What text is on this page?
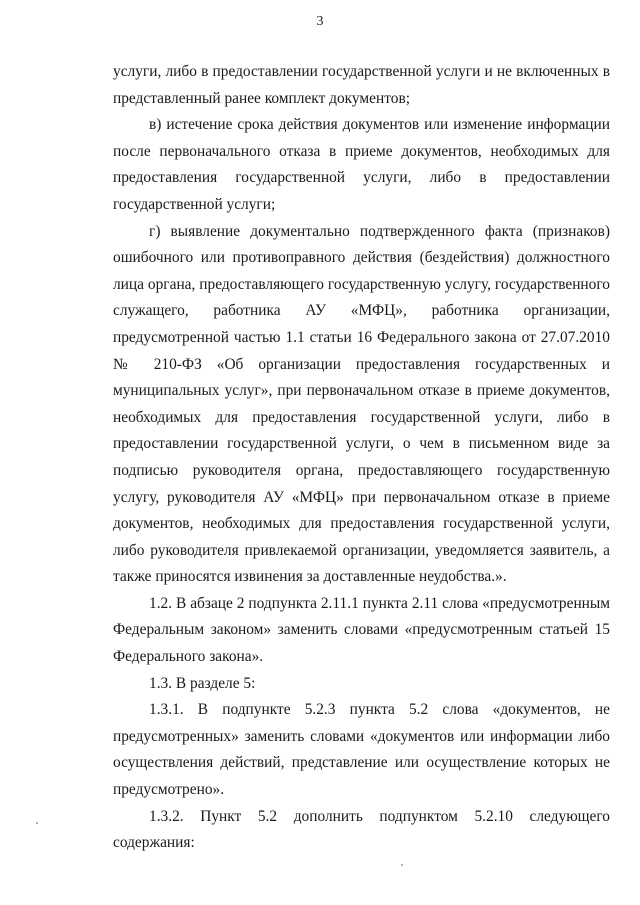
3

услуги, либо в предоставлении государственной услуги и не включенных в представленный ранее комплект документов;

в) истечение срока действия документов или изменение информации после первоначального отказа в приеме документов, необходимых для предоставления государственной услуги, либо в предоставлении государственной услуги;

г) выявление документально подтвержденного факта (признаков) ошибочного или противоправного действия (бездействия) должностного лица органа, предоставляющего государственную услугу, государственного служащего, работника АУ «МФЦ», работника организации, предусмотренной частью 1.1 статьи 16 Федерального закона от 27.07.2010 № 210-ФЗ «Об организации предоставления государственных и муниципальных услуг», при первоначальном отказе в приеме документов, необходимых для предоставления государственной услуги, либо в предоставлении государственной услуги, о чем в письменном виде за подписью руководителя органа, предоставляющего государственную услугу, руководителя АУ «МФЦ» при первоначальном отказе в приеме документов, необходимых для предоставления государственной услуги, либо руководителя привлекаемой организации, уведомляется заявитель, а также приносятся извинения за доставленные неудобства.».

1.2. В абзаце 2 подпункта 2.11.1 пункта 2.11 слова «предусмотренным Федеральным законом» заменить словами «предусмотренным статьей 15 Федерального закона».

1.3. В разделе 5:

1.3.1. В подпункте 5.2.3 пункта 5.2 слова «документов, не предусмотренных» заменить словами «документов или информации либо осуществления действий, представление или осуществление которых не предусмотрено».

1.3.2. Пункт 5.2 дополнить подпунктом 5.2.10 следующего содержания:
